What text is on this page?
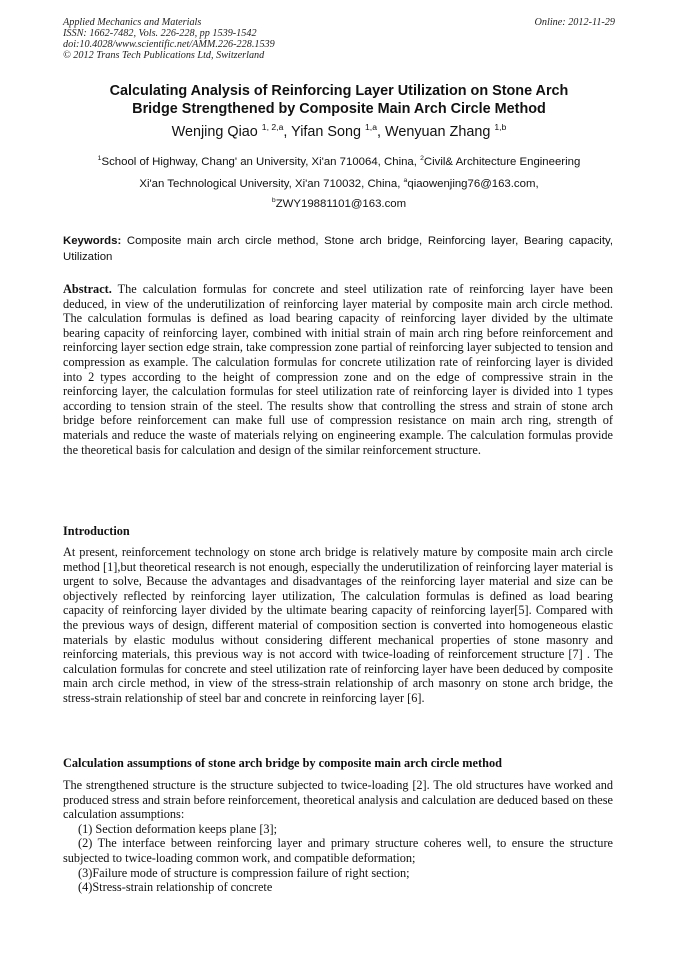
Applied Mechanics and Materials
ISSN: 1662-7482, Vols. 226-228, pp 1539-1542
doi:10.4028/www.scientific.net/AMM.226-228.1539
© 2012 Trans Tech Publications Ltd, Switzerland
Online: 2012-11-29
Calculating Analysis of Reinforcing Layer Utilization on Stone Arch
Bridge Strengthened by Composite Main Arch Circle Method
Wenjing Qiao $^{1, 2,a}$, Yifan Song $^{1,a}$, Wenyuan Zhang $^{1,b}$
$^1$School of Highway, Chang' an University, Xi'an 710064, China, $^2$Civil& Architecture Engineering
Xi'an Technological University, Xi'an 710032, China, $^a$qiaowenjing76@163.com,
$^b$ZWY19881101@163.com
Keywords: Composite main arch circle method, Stone arch bridge, Reinforcing layer, Bearing capacity, Utilization
Abstract. The calculation formulas for concrete and steel utilization rate of reinforcing layer have been deduced, in view of the underutilization of reinforcing layer material by composite main arch circle method. The calculation formulas is defined as load bearing capacity of reinforcing layer divided by the ultimate bearing capacity of reinforcing layer, combined with initial strain of main arch ring before reinforcement and reinforcing layer section edge strain, take compression zone partial of reinforcing layer subjected to tension and compression as example. The calculation formulas for concrete utilization rate of reinforcing layer is divided into 2 types according to the height of compression zone and on the edge of compressive strain in the reinforcing layer, the calculation formulas for steel utilization rate of reinforcing layer is divided into 1 types according to tension strain of the steel. The results show that controlling the stress and strain of stone arch bridge before reinforcement can make full use of compression resistance on main arch ring, strength of materials and reduce the waste of materials relying on engineering example. The calculation formulas provide the theoretical basis for calculation and design of the similar reinforcement structure.
Introduction
At present, reinforcement technology on stone arch bridge is relatively mature by composite main arch circle method [1],but theoretical research is not enough, especially the underutilization of reinforcing layer material is urgent to solve, Because the advantages and disadvantages of the reinforcing layer material and size can be objectively reflected by reinforcing layer utilization, The calculation formulas is defined as load bearing capacity of reinforcing layer divided by the ultimate bearing capacity of reinforcing layer[5]. Compared with the previous ways of design, different material of composition section is converted into homogeneous elastic materials by elastic modulus without considering different mechanical properties of stone masonry and reinforcing materials, this previous way is not accord with twice-loading of reinforcement structure [7] . The calculation formulas for concrete and steel utilization rate of reinforcing layer have been deduced by composite main arch circle method, in view of the stress-strain relationship of arch masonry on stone arch bridge, the stress-strain relationship of steel bar and concrete in reinforcing layer [6].
Calculation assumptions of stone arch bridge by composite main arch circle method

The strengthened structure is the structure subjected to twice-loading [2]. The old structures have worked and produced stress and strain before reinforcement, theoretical analysis and calculation are deduced based on these calculation assumptions:

(1) Section deformation keeps plane [3];

(2) The interface between reinforcing layer and primary structure coheres well, to ensure the structure subjected to twice-loading common work, and compatible deformation;

(3)Failure mode of structure is compression failure of right section;

(4)Stress-strain relationship of concrete
